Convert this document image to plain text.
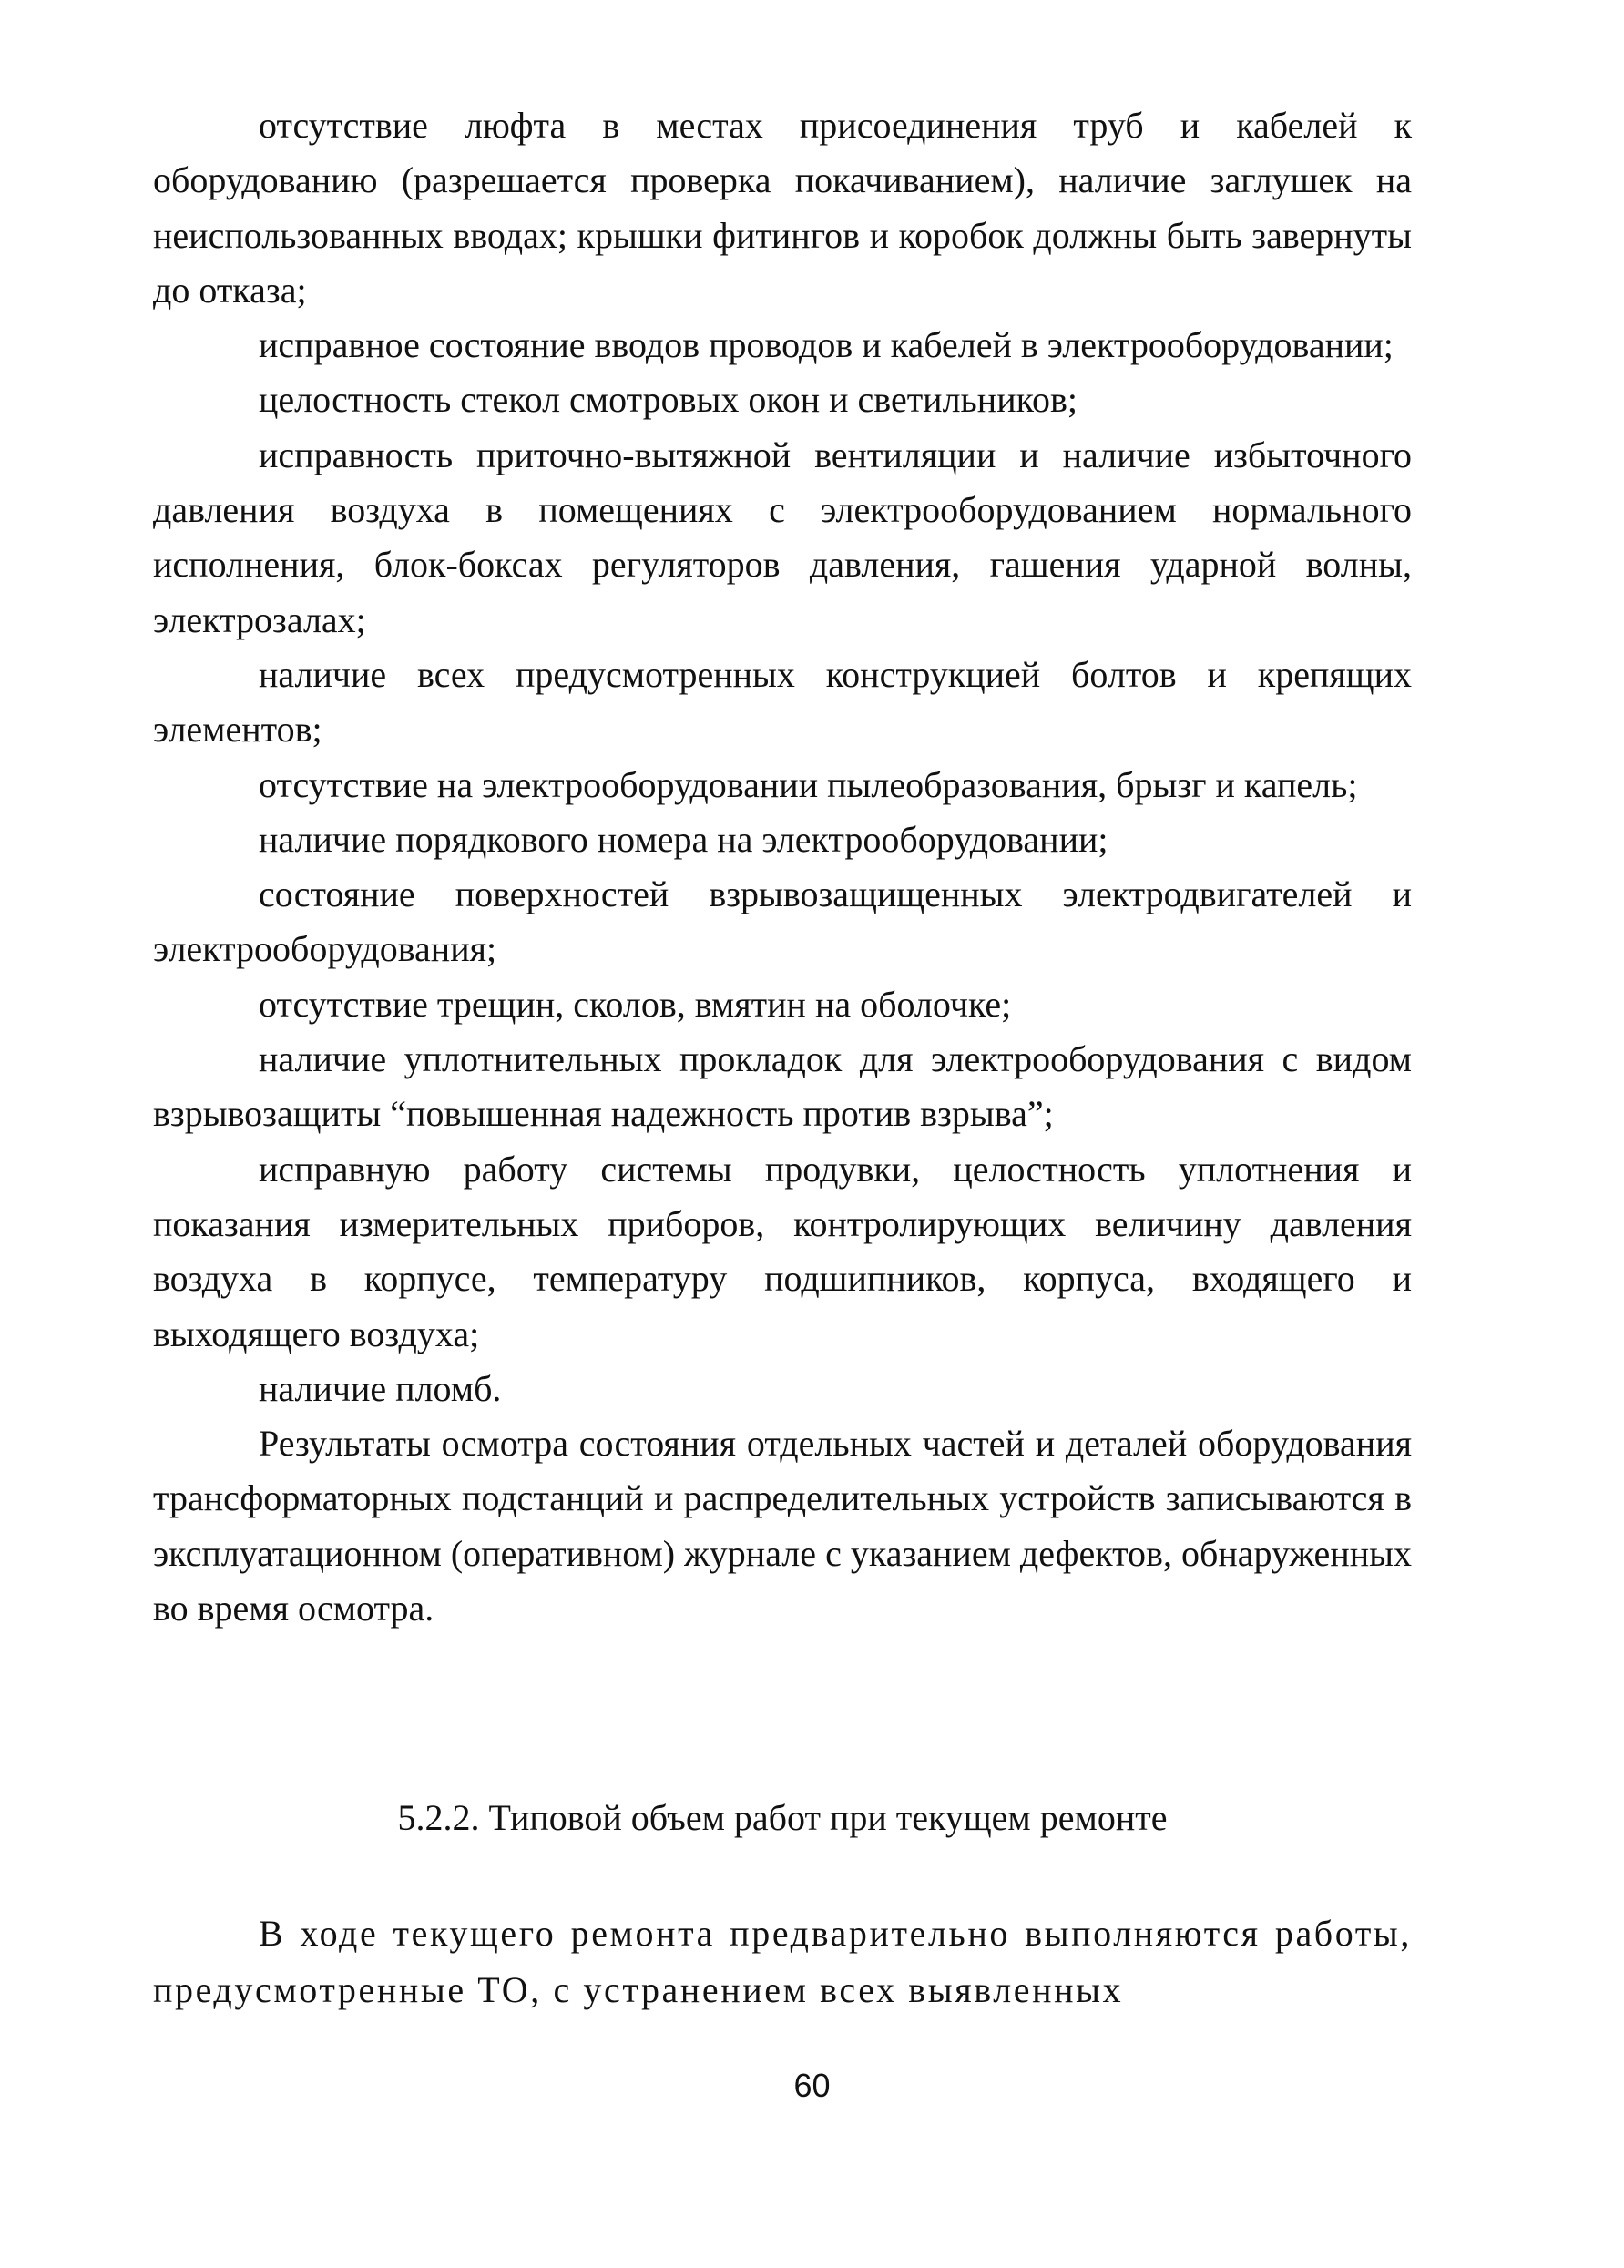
отсутствие люфта в местах присоединения труб и кабелей к оборудованию (разрешается проверка покачиванием), наличие заглушек на неиспользованных вводах; крышки фитингов и коробок должны быть завернуты до отказа;

исправное состояние вводов проводов и кабелей в электрооборудовании;

целостность стекол смотровых окон и светильников;

исправность приточно-вытяжной вентиляции и наличие избыточного давления воздуха в помещениях с электрооборудованием нормального исполнения, блок-боксах регуляторов давления, гашения ударной волны, электрозалах;

наличие всех предусмотренных конструкцией болтов и крепящих элементов;

отсутствие на электрооборудовании пылеобразования, брызг и капель;

наличие порядкового номера на электрооборудовании;

состояние поверхностей взрывозащищенных электродвигателей и электрооборудования;

отсутствие трещин, сколов, вмятин на оболочке;

наличие уплотнительных прокладок для электрооборудования с видом взрывозащиты “повышенная надежность против взрыва”;

исправную работу системы продувки, целостность уплотнения и показания измерительных приборов, контролирующих величину давления воздуха в корпусе, температуру подшипников, корпуса, входящего и выходящего воздуха;

наличие пломб.

Результаты осмотра состояния отдельных частей и деталей оборудования трансформаторных подстанций и распределительных устройств записываются в эксплуатационном (оперативном) журнале с указанием дефектов, обнаруженных во время осмотра.

5.2.2. Типовой объем работ при текущем ремонте

В ходе текущего ремонта предварительно выполняются работы, предусмотренные ТО, с устранением всех выявленных

60
